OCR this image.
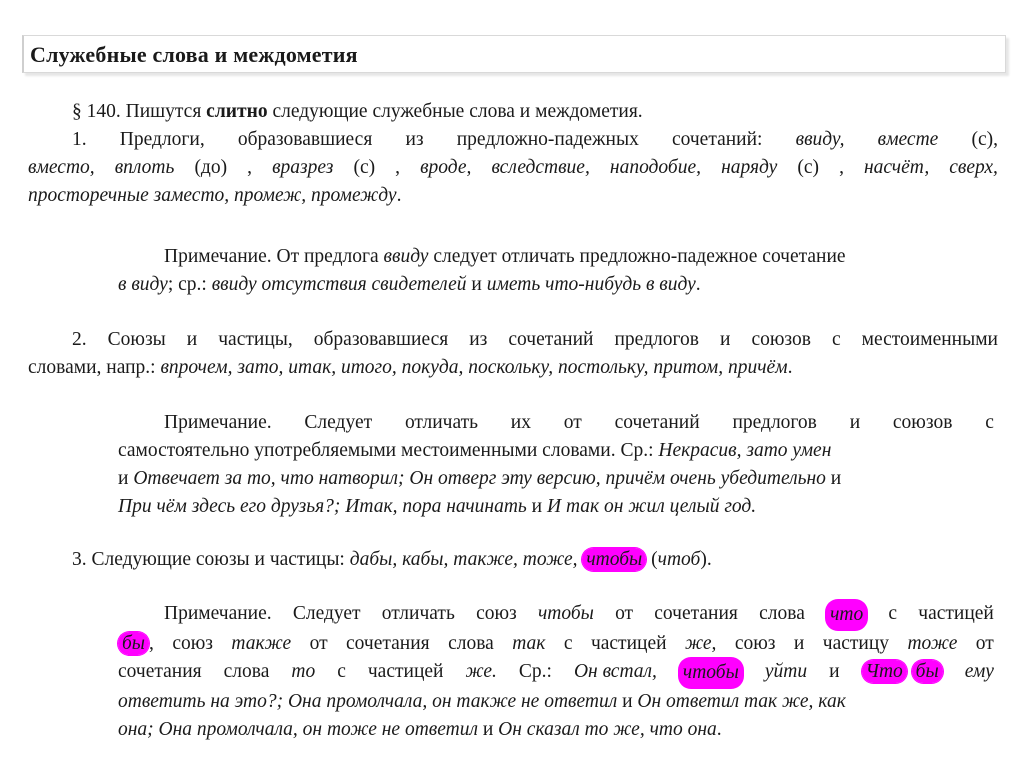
Служебные слова и междометия
§ 140. Пишутся слитно следующие служебные слова и междометия.
1. Предлоги, образовавшиеся из предложно-падежных сочетаний: ввиду, вместе (с),
вместо, вплоть (до) , вразрез (с) , вроде, вследствие, наподобие, наряду (с) , насчёт, сверх,
просторечные заместо, промеж, промежду.
Примечание. От предлога ввиду следует отличать предложно-падежное сочетание
в виду; ср.: ввиду отсутствия свидетелей и иметь что-нибудь в виду.
2. Союзы и частицы, образовавшиеся из сочетаний предлогов и союзов с местоименными
словами, напр.: впрочем, зато, итак, итого, покуда, поскольку, постольку, притом, причём.
Примечание. Следует отличать их от сочетаний предлогов и союзов с
самостоятельно употребляемыми местоименными словами. Ср.: Некрасив, зато умен
и Отвечает за то, что натворил; Он отверг эту версию, причём очень убедительно и
При чём здесь его друзья?; Итак, пора начинать и И так он жил целый год.
3. Следующие союзы и частицы: дабы, кабы, также, тоже, чтобы (чтоб).
Примечание. Следует отличать союз чтобы от сочетания слова что с частицей
бы , союз также от сочетания слова так с частицей же, союз и частицу тоже от
сочетания слова то с частицей же. Ср.: Он встал, чтобы уйти и Что бы ему
ответить на это?; Она промолчала, он также не ответил и Он ответил так же, как
она; Она промолчала, он тоже не ответил и Он сказал то же, что она.
